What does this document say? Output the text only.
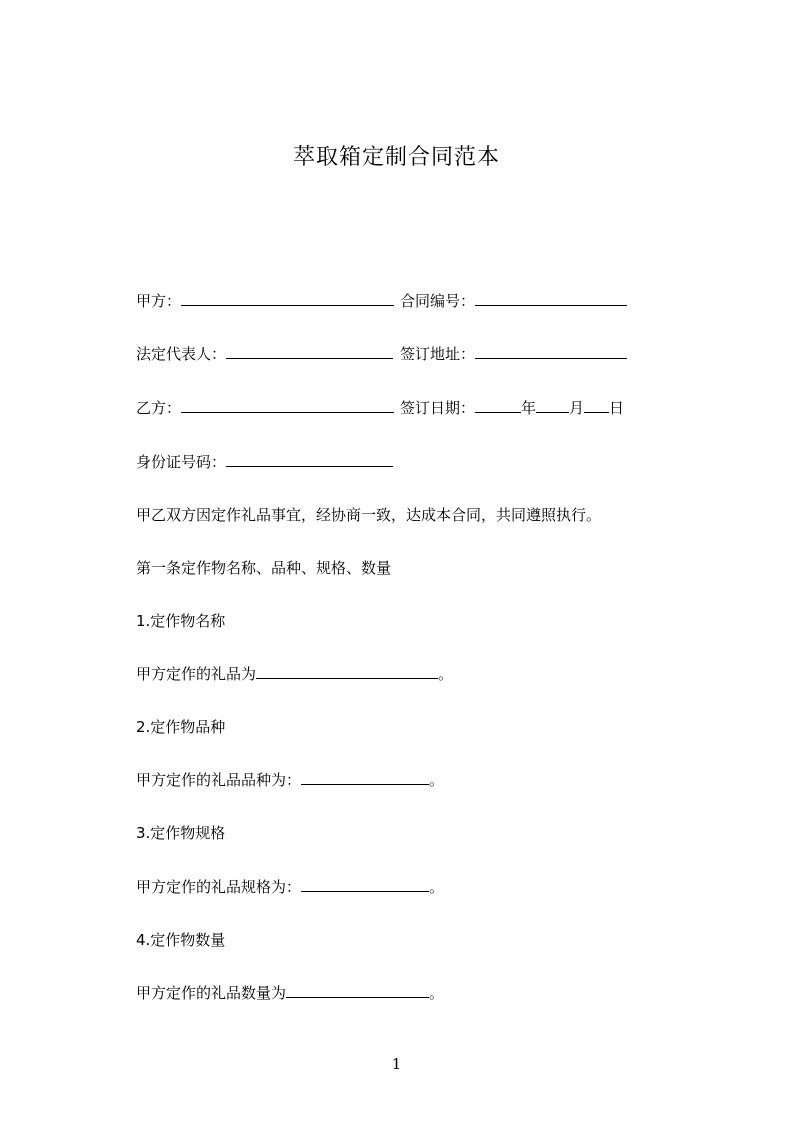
萃取箱定制合同范本
甲方：	合同编号：
法定代表人：	签订地址：
乙方：	签订日期：	年 月 日
身份证号码：
甲乙双方因定作礼品事宜，经协商一致，达成本合同，共同遵照执行。
第一条定作物名称、品种、规格、数量
1.定作物名称
甲方定作的礼品为	。
2.定作物品种
甲方定作的礼品品种为：	。
3.定作物规格
甲方定作的礼品规格为：	。
4.定作物数量
甲方定作的礼品数量为	。
1
